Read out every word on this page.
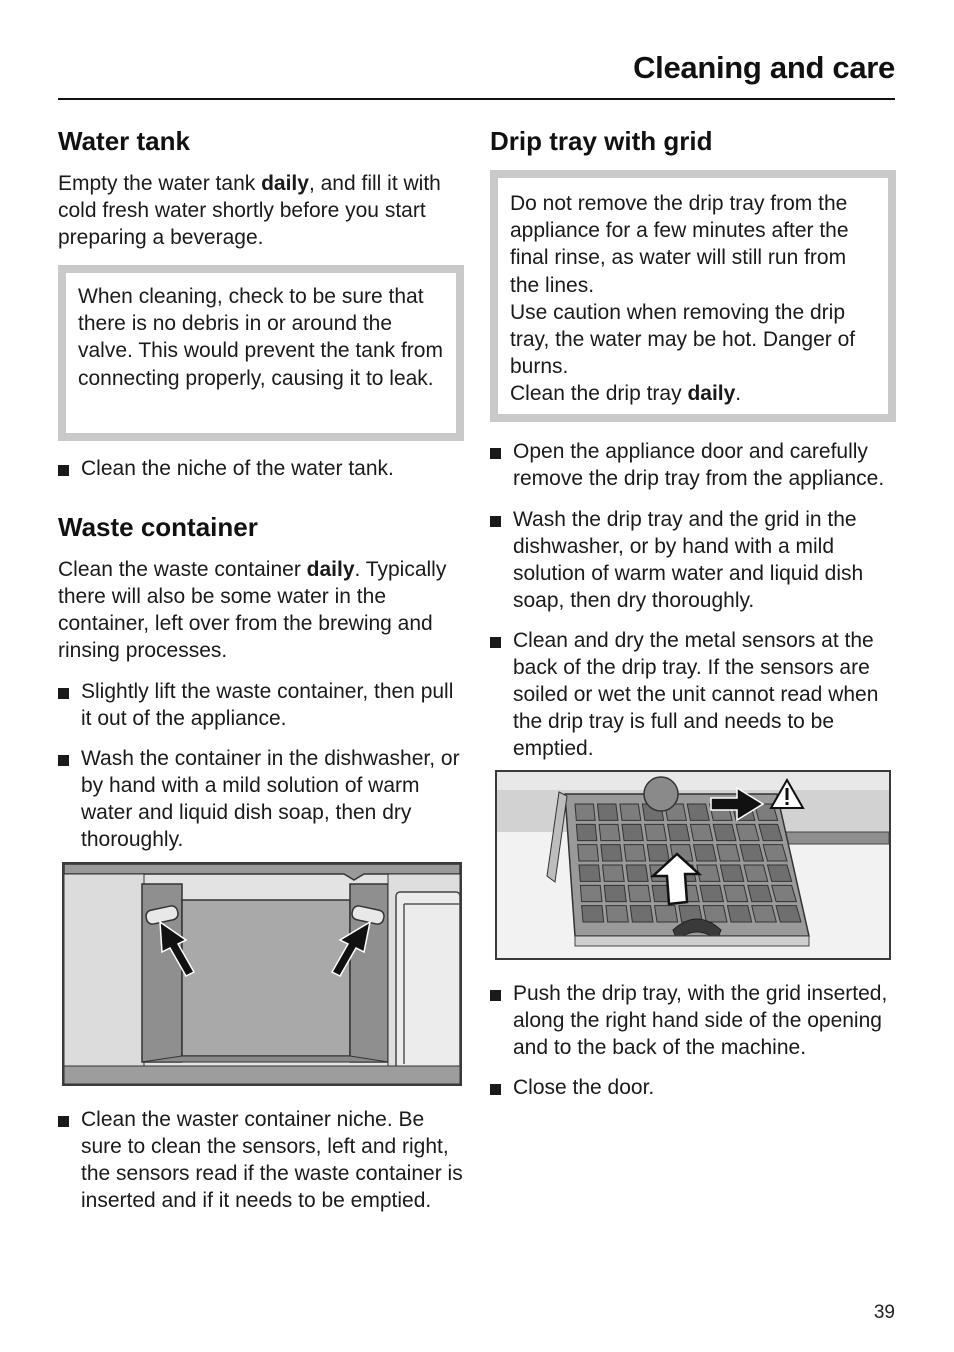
Cleaning and care
Water tank

Empty the water tank daily, and fill it with cold fresh water shortly before you start preparing a beverage.

When cleaning, check to be sure that there is no debris in or around the valve. This would prevent the tank from connecting properly, causing it to leak.
Clean the niche of the water tank.
Waste container

Clean the waste container daily. Typically there will also be some water in the container, left over from the brewing and rinsing processes.

Slightly lift the waste container, then pull it out of the appliance.
Wash the container in the dishwasher, or by hand with a mild solution of warm water and liquid dish soap, then dry thoroughly.
Clean the waster container niche. Be sure to clean the sensors, left and right, the sensors read if the waste container is inserted and if it needs to be emptied.
Drip tray with grid
Do not remove the drip tray from the appliance for a few minutes after the final rinse, as water will still run from the lines.
Use caution when removing the drip tray, the water may be hot. Danger of burns.
Clean the drip tray daily.
Open the appliance door and carefully remove the drip tray from the appliance.
Wash the drip tray and the grid in the dishwasher, or by hand with a mild solution of warm water and liquid dish soap, then dry thoroughly.
Clean and dry the metal sensors at the back of the drip tray. If the sensors are soiled or wet the unit cannot read when the drip tray is full and needs to be emptied.
Push the drip tray, with the grid inserted, along the right hand side of the opening and to the back of the machine.
Close the door.
39
